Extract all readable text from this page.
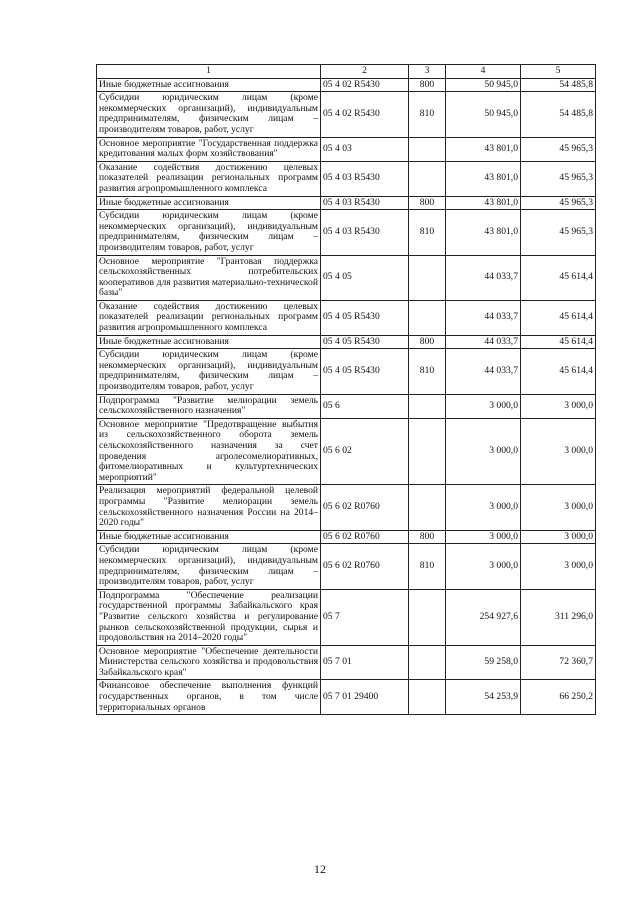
1	2	3	4	5
Иные бюджетные ассигнования	05 4 02 R5430	800	50 945,0	54 485,8
Субсидии юридическим лицам (кроме некоммерческих организаций), индивидуальным предпринимателям, физическим лицам – производителям товаров, работ, услуг	05 4 02 R5430	810	50 945,0	54 485,8
Основное мероприятие "Государственная поддержка кредитования малых форм хозяйствования"	05 4 03		43 801,0	45 965,3
Оказание содействия достижению целевых показателей реализации региональных программ развития агропромышленного комплекса	05 4 03 R5430		43 801,0	45 965,3
Иные бюджетные ассигнования	05 4 03 R5430	800	43 801,0	45 965,3
Субсидии юридическим лицам (кроме некоммерческих организаций), индивидуальным предпринимателям, физическим лицам – производителям товаров, работ, услуг	05 4 03 R5430	810	43 801,0	45 965,3
Основное мероприятие "Грантовая поддержка сельскохозяйственных потребительских кооперативов для развития материально-технической базы"	05 4 05		44 033,7	45 614,4
Оказание содействия достижению целевых показателей реализации региональных программ развития агропромышленного комплекса	05 4 05 R5430		44 033,7	45 614,4
Иные бюджетные ассигнования	05 4 05 R5430	800	44 033,7	45 614,4
Субсидии юридическим лицам (кроме некоммерческих организаций), индивидуальным предпринимателям, физическим лицам – производителям товаров, работ, услуг	05 4 05 R5430	810	44 033,7	45 614,4
Подпрограмма "Развитие мелиорации земель сельскохозяйственного назначения"	05 6		3 000,0	3 000,0
Основное мероприятие "Предотвращение выбытия из сельскохозяйственного оборота земель сельскохозяйственного назначения за счет проведения агролесомелиоративных, фитомелиоративных и культуртехнических мероприятий"	05 6 02		3 000,0	3 000,0
Реализация мероприятий федеральной целевой программы "Развитие мелиорации земель сельскохозяйственного назначения России на 2014–2020 годы"	05 6 02 R0760		3 000,0	3 000,0
Иные бюджетные ассигнования	05 6 02 R0760	800	3 000,0	3 000,0
Субсидии юридическим лицам (кроме некоммерческих организаций), индивидуальным предпринимателям, физическим лицам – производителям товаров, работ, услуг	05 6 02 R0760	810	3 000,0	3 000,0
Подпрограмма "Обеспечение реализации государственной программы Забайкальского края "Развитие сельского хозяйства и регулирование рынков сельскохозяйственной продукции, сырья и продовольствия на 2014–2020 годы"	05 7		254 927,6	311 296,0
Основное мероприятие "Обеспечение деятельности Министерства сельского хозяйства и продовольствия Забайкальского края"	05 7 01		59 258,0	72 360,7
Финансовое обеспечение выполнения функций государственных органов, в том числе территориальных органов	05 7 01 29400		54 253,9	66 250,2
12
